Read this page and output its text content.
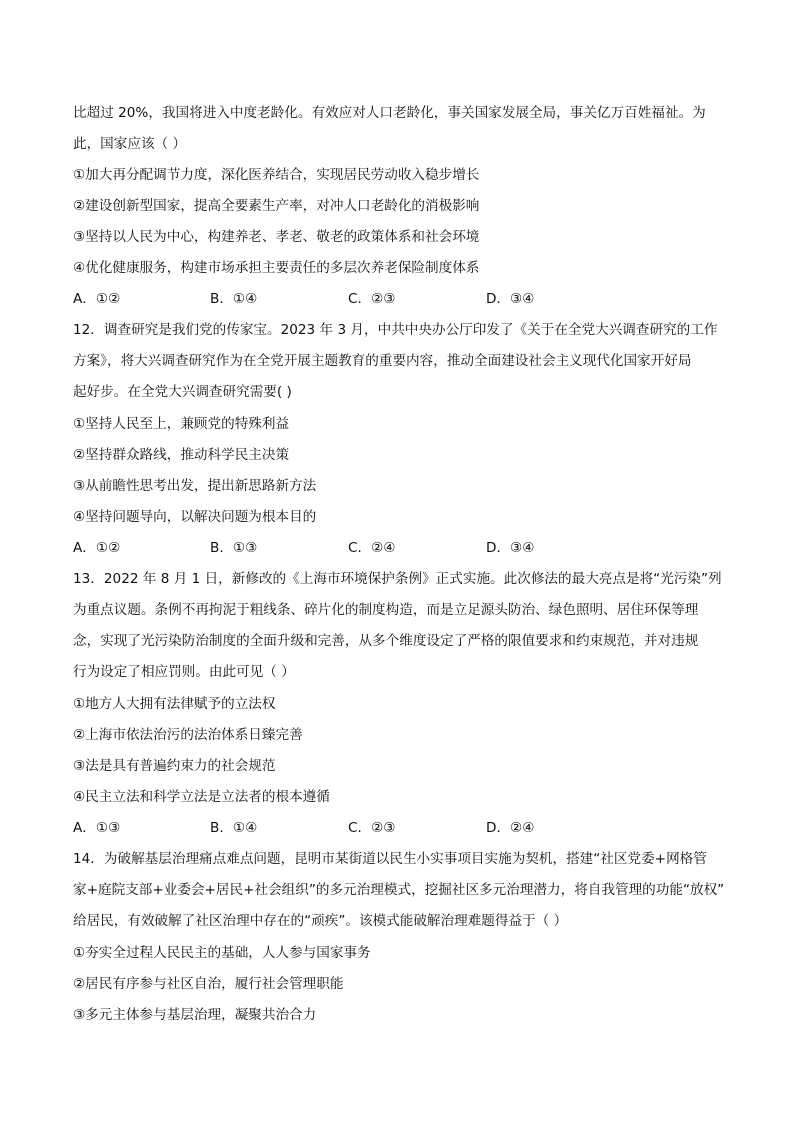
比超过 20%，我国将进入中度老龄化。有效应对人口老龄化，事关国家发展全局，事关亿万百姓福祉。为
此，国家应该（ ）
①加大再分配调节力度，深化医养结合，实现居民劳动收入稳步增长
②建设创新型国家，提高全要素生产率，对冲人口老龄化的消极影响
③坚持以人民为中心，构建养老、孝老、敬老的政策体系和社会环境
④优化健康服务，构建市场承担主要责任的多层次养老保险制度体系
A．①②	B．①④	C．②③	D．③④
12．调查研究是我们党的传家宝。2023 年 3 月，中共中央办公厅印发了《关于在全党大兴调查研究的工作
方案》，将大兴调查研究作为在全党开展主题教育的重要内容，推动全面建设社会主义现代化国家开好局
起好步。在全党大兴调查研究需要( )
①坚持人民至上，兼顾党的特殊利益
②坚持群众路线，推动科学民主决策
③从前瞻性思考出发，提出新思路新方法
④坚持问题导向，以解决问题为根本目的
A．①②	B．①③	C．②④	D．③④
13．2022 年 8 月 1 日，新修改的《上海市环境保护条例》正式实施。此次修法的最大亮点是将“光污染”列
为重点议题。条例不再拘泥于粗线条、碎片化的制度构造，而是立足源头防治、绿色照明、居住环保等理
念，实现了光污染防治制度的全面升级和完善，从多个维度设定了严格的限值要求和约束规范，并对违规
行为设定了相应罚则。由此可见（ ）
①地方人大拥有法律赋予的立法权
②上海市依法治污的法治体系日臻完善
③法是具有普遍约束力的社会规范
④民主立法和科学立法是立法者的根本遵循
A．①③	B．①④	C．②③	D．②④
14．为破解基层治理痛点难点问题，昆明市某街道以民生小实事项目实施为契机，搭建“社区党委+网格管
家+庭院支部+业委会+居民+社会组织”的多元治理模式，挖掘社区多元治理潜力，将自我管理的功能“放权”
给居民，有效破解了社区治理中存在的“顽疾”。该模式能破解治理难题得益于（ ）
①夯实全过程人民民主的基础，人人参与国家事务
②居民有序参与社区自治，履行社会管理职能
③多元主体参与基层治理，凝聚共治合力
